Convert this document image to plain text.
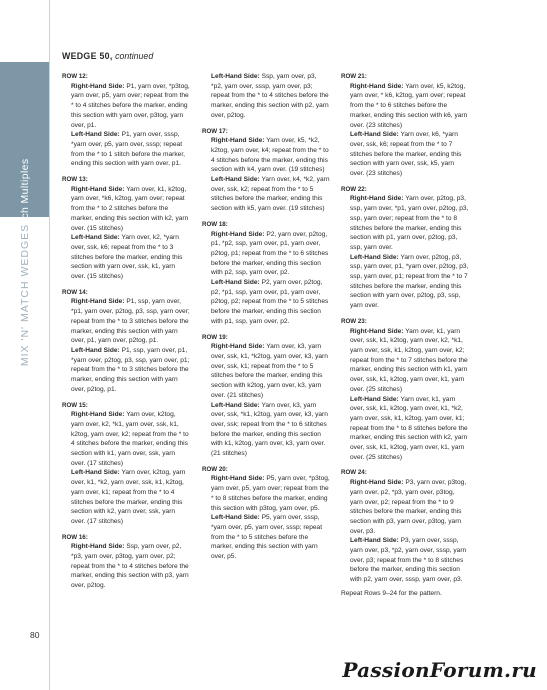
8-Stitch Multiples
MIX 'N' MATCH WEDGES
80
WEDGE 50, continued
ROW 12:
Right-Hand Side: P1, yarn over, *p3tog, yarn over, p5, yarn over; repeat from the * to 4 stitches before the marker, ending this section with yarn over, p3tog, yarn over, p1.
Left-Hand Side: P1, yarn over, sssp, *yarn over, p5, yarn over, sssp; repeat from the * to 1 stitch before the marker, ending this section with yarn over, p1.
ROW 13:
Right-Hand Side: Yarn over, k1, k2tog, yarn over, *k6, k2tog, yarn over; repeat from the * to 2 stitches before the marker, ending this section with k2, yarn over. (15 stitches)
Left-Hand Side: Yarn over, k2, *yarn over, ssk, k6; repeat from the * to 3 stitches before the marker, ending this section with yarn over, ssk, k1, yarn over. (15 stitches)
ROW 14:
Right-Hand Side: P1, ssp, yarn over, *p1, yarn over, p2tog, p3, ssp, yarn over; repeat from the * to 3 stitches before the marker, ending this section with yarn over, p1, yarn over, p2tog, p1.
Left-Hand Side: P1, ssp, yarn over, p1, *yarn over, p2tog, p3, ssp, yarn over, p1; repeat from the * to 3 stitches before the marker, ending this section with yarn over, p2tog, p1.
ROW 15:
Right-Hand Side: Yarn over, k2tog, yarn over, k2, *k1, yarn over, ssk, k1, k2tog, yarn over, k2; repeat from the * to 4 stitches before the marker, ending this section with k1, yarn over, ssk, yarn over. (17 stitches)
Left-Hand Side: Yarn over, k2tog, yarn over, k1, *k2, yarn over, ssk, k1, k2tog, yarn over, k1; repeat from the * to 4 stitches before the marker, ending this section with k2, yarn over, ssk, yarn over. (17 stitches)
ROW 16:
Right-Hand Side: Ssp, yarn over, p2, *p3, yarn over, p3tog, yarn over, p2; repeat from the * to 4 stitches before the marker, ending this section with p3, yarn over, p2tog.
Left-Hand Side: Ssp, yarn over, p3, *p2, yarn over, sssp, yarn over, p3; repeat from the * to 4 stitches before the marker, ending this section with p2, yarn over, p2tog.
ROW 17:
Right-Hand Side: Yarn over, k5, *k2, k2tog, yarn over, k4; repeat from the * to 4 stitches before the marker, ending this section with k4, yarn over. (19 stitches)
Left-Hand Side: Yarn over, k4, *k2, yarn over, ssk, k2; repeat from the * to 5 stitches before the marker, ending this section with k5, yarn over. (19 stitches)
ROW 18:
Right-Hand Side: P2, yarn over, p2tog, p1, *p2, ssp, yarn over, p1, yarn over, p2tog, p1; repeat from the * to 6 stitches before the marker, ending this section with p2, ssp, yarn over, p2.
Left-Hand Side: P2, yarn over, p2tog, p2, *p1, ssp, yarn over, p1, yarn over, p2tog, p2; repeat from the * to 5 stitches before the marker, ending this section with p1, ssp, yarn over, p2.
ROW 19:
Right-Hand Side: Yarn over, k3, yarn over, ssk, k1, *k2tog, yarn over, k3, yarn over, ssk, k1; repeat from the * to 5 stitches before the marker, ending this section with k2tog, yarn over, k3, yarn over. (21 stitches)
Left-Hand Side: Yarn over, k3, yarn over, ssk, *k1, k2tog, yarn over, k3, yarn over, ssk; repeat from the * to 6 stitches before the marker, ending this section with k1, k2tog, yarn over, k3, yarn over. (21 stitches)
ROW 20:
Right-Hand Side: P5, yarn over, *p3tog, yarn over, p5, yarn over; repeat from the * to 8 stitches before the marker, ending this section with p3tog, yarn over, p5.
Left-Hand Side: P5, yarn over, sssp, *yarn over, p5, yarn over, sssp; repeat from the * to 5 stitches before the marker, ending this section with yarn over, p5.
ROW 21:
Right-Hand Side: Yarn over, k5, k2tog, yarn over, * k6, k2tog, yarn over; repeat from the * to 6 stitches before the marker, ending this section with k6, yarn over. (23 stitches)
Left-Hand Side: Yarn over, k6, *yarn over, ssk, k6; repeat from the * to 7 stitches before the marker, ending this section with yarn over, ssk, k5, yarn over. (23 stitches)
ROW 22:
Right-Hand Side: Yarn over, p2tog, p3, ssp, yarn over, *p1, yarn over, p2tog, p3, ssp, yarn over; repeat from the * to 8 stitches before the marker, ending this section with p1, yarn over, p2tog, p3, ssp, yarn over.
Left-Hand Side: Yarn over, p2tog, p3, ssp, yarn over, p1, *yarn over, p2tog, p3, ssp, yarn over, p1; repeat from the * to 7 stitches before the marker, ending this section with yarn over, p2tog, p3, ssp, yarn over.
ROW 23:
Right-Hand Side: Yarn over, k1, yarn over, ssk, k1, k2tog, yarn over, k2, *k1, yarn over, ssk, k1, k2tog, yarn over, k2; repeat from the * to 7 stitches before the marker, ending this section with k1, yarn over, ssk, k1, k2tog, yarn over, k1, yarn over. (25 stitches)
Left-Hand Side: Yarn over, k1, yarn over, ssk, k1, k2tog, yarn over, k1, *k2, yarn over, ssk, k1, k2tog, yarn over, k1; repeat from the * to 8 stitches before the marker, ending this section with k2, yarn over, ssk, k1, k2tog, yarn over, k1, yarn over. (25 stitches)
ROW 24:
Right-Hand Side: P3, yarn over, p3tog, yarn over, p2, *p3, yarn over, p3tog, yarn over, p2; repeat from the * to 9 stitches before the marker, ending this section with p3, yarn over, p3tog, yarn over, p3.
Left-Hand Side: P3, yarn over, sssp, yarn over, p3, *p2, yarn over, sssp, yarn over, p3; repeat from the * to 8 stitches before the marker, ending this section with p2, yarn over, sssp, yarn over, p3.
Repeat Rows 9–24 for the pattern.
PassionForum.ru
